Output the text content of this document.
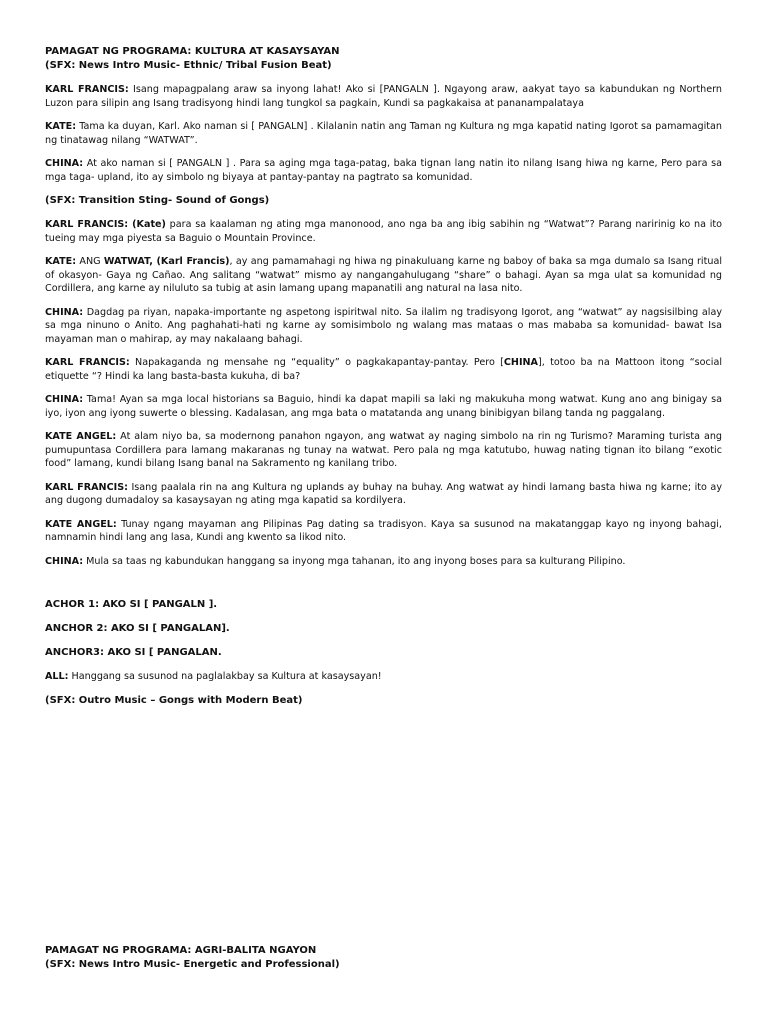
PAMAGAT NG PROGRAMA: KULTURA AT KASAYSAYAN

(SFX: News Intro Music- Ethnic/ Tribal Fusion Beat)

KARL FRANCIS: Isang mapagpalang araw sa inyong lahat! Ako si [PANGALN ]. Ngayong araw, aakyat tayo sa kabundukan ng Northern Luzon para silipin ang Isang tradisyong hindi lang tungkol sa pagkain, Kundi sa pagkakaisa at pananampalataya

KATE: Tama ka duyan, Karl. Ako naman si [ PANGALN] . Kilalanin natin ang Taman ng Kultura ng mga kapatid nating Igorot sa pamamagitan ng tinatawag nilang “WATWAT”.

CHINA: At ako naman si [ PANGALN ] . Para sa aging mga taga-patag, baka tignan lang natin ito nilang Isang hiwa ng karne, Pero para sa mga taga- upland, ito ay simbolo ng biyaya at pantay-pantay na pagtrato sa komunidad.

(SFX: Transition Sting- Sound of Gongs)

KARL FRANCIS: (Kate) para sa kaalaman ng ating mga manonood, ano nga ba ang ibig sabihin ng “Watwat”? Parang naririnig ko na ito tueing may mga piyesta sa Baguio o Mountain Province.

KATE: ANG WATWAT, (Karl Francis), ay ang pamamahagi ng hiwa ng pinakuluang karne ng baboy of baka sa mga dumalo sa Isang ritual of okasyon- Gaya ng Cañao. Ang salitang “watwat” mismo ay nangangahulugang “share” o bahagi. Ayan sa mga ulat sa komunidad ng Cordillera, ang karne ay niluluto sa tubig at asin lamang upang mapanatili ang natural na lasa nito.

CHINA: Dagdag pa riyan, napaka-importante ng aspetong ispiritwal nito. Sa ilalim ng tradisyong Igorot, ang “watwat” ay nagsisilbing alay sa mga ninuno o Anito. Ang paghahati-hati ng karne ay somisimbolo ng walang mas mataas o mas mababa sa komunidad- bawat Isa mayaman man o mahirap, ay may nakalaang bahagi.

KARL FRANCIS: Napakaganda ng mensahe ng “equality” o pagkakapantay-pantay. Pero [CHINA], totoo ba na Mattoon itong “social etiquette “? Hindi ka lang basta-basta kukuha, di ba?

CHINA: Tama! Ayan sa mga local historians sa Baguio, hindi ka dapat mapili sa laki ng makukuha mong watwat. Kung ano ang binigay sa iyo, iyon ang iyong suwerte o blessing. Kadalasan, ang mga bata o matatanda ang unang binibigyan bilang tanda ng paggalang.

KATE ANGEL: At alam niyo ba, sa modernong panahon ngayon, ang watwat ay naging simbolo na rin ng Turismo? Maraming turista ang pumupuntasa Cordillera para lamang makaranas ng tunay na watwat. Pero pala ng mga katutubo, huwag nating tignan ito bilang “exotic food” lamang, kundi bilang Isang banal na Sakramento ng kanilang tribo.

KARL FRANCIS: Isang paalala rin na ang Kultura ng uplands ay buhay na buhay. Ang watwat ay hindi lamang basta hiwa ng karne; ito ay ang dugong dumadaloy sa kasaysayan ng ating mga kapatid sa kordilyera.

KATE ANGEL: Tunay ngang mayaman ang Pilipinas Pag dating sa tradisyon. Kaya sa susunod na makatanggap kayo ng inyong bahagi, namnamin hindi lang ang lasa, Kundi ang kwento sa likod nito.

CHINA: Mula sa taas ng kabundukan hanggang sa inyong mga tahanan, ito ang inyong boses para sa kulturang Pilipino.

ACHOR 1: AKO SI [ PANGALN ].

ANCHOR 2: AKO SI [ PANGALAN].

ANCHOR3: AKO SI [ PANGALAN.

ALL: Hanggang sa susunod na paglalakbay sa Kultura at kasaysayan!

(SFX: Outro Music – Gongs with Modern Beat)

PAMAGAT NG PROGRAMA: AGRI-BALITA NGAYON

(SFX: News Intro Music- Energetic and Professional)
